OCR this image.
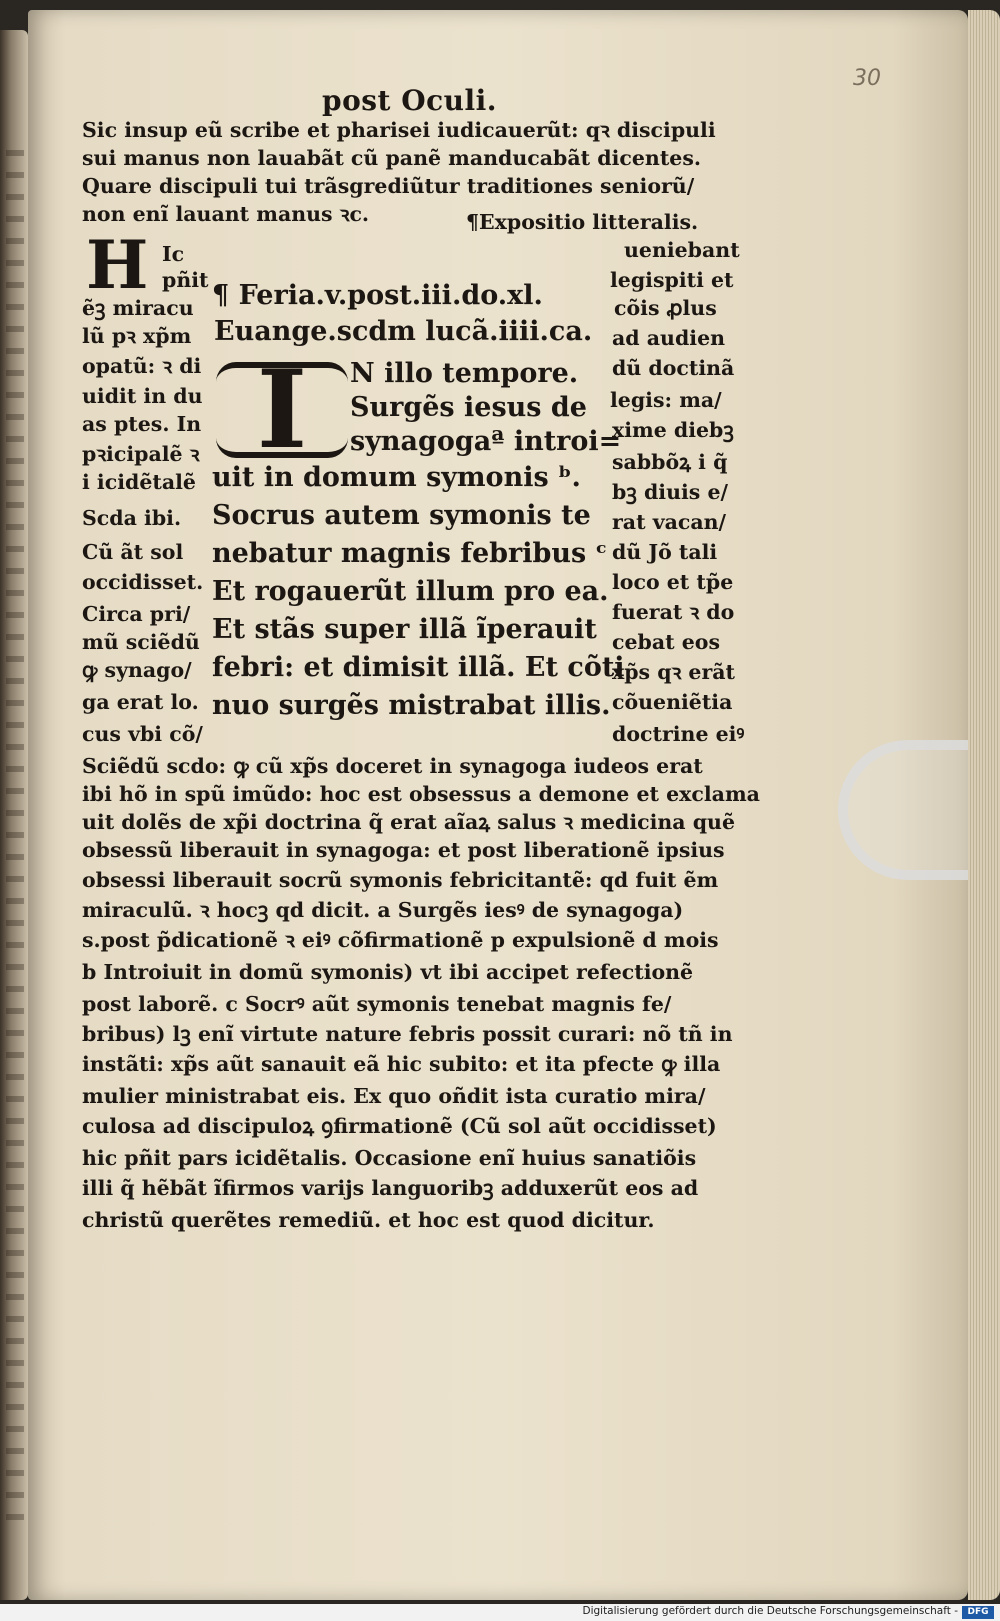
30
post Oculi.
Sic insup eũ scribe et pharisei iudicauerũt: qꝛ discipuli
sui manus non lauabãt cũ panẽ manducabãt dicentes.
Quare discipuli tui trãsgrediũtur traditiones seniorũ/
non enĩ lauant manus ꝛc.	¶Expositio litteralis.
H Ic
pñit
ẽꝫ miracu
lũ pꝛ xp̃m
opatũ: ꝛ di
uidit in du
as ptes. In
pꝛicipalẽ ꝛ
i icidẽtalẽ
Scda ibi.
Cũ ãt sol
occidisset.
Circa pri/
mũ sciẽdũ
ꝙ synago/
ga erat lo.
cus vbi cõ/
¶ Feria.v.post.iii.do.xl.
Euange.scdm lucã.iiii.ca.
I	N illo tempore.
Surgẽs iesus de
synagogaª introi=
uit in domum symonis ᵇ.
Socrus autem symonis te
nebatur magnis febribus ᶜ
Et rogauerũt illum pro ea.
Et stãs super illã ĩperauit
febri: et dimisit illã. Et cõti
nuo surgẽs mistrabat illis.
ueniebant
legispiti et
cõis ꝓlus
ad audien
dũ doctinã
legis: ma/
xime diebꝫ
sabbõꝝ i q̃
bꝫ diuis e/
rat vacan/
dũ Jõ tali
loco et tp̃e
fuerat ꝛ do
cebat eos
xp̃s qꝛ erãt
cõueniẽtia
doctrine eiꝰ
Sciẽdũ scdo: ꝙ cũ xp̃s doceret in synagoga iudeos erat
ibi hõ in spũ imũdo: hoc est obsessus a demone et exclama
uit dolẽs de xp̃i doctrina q̃ erat aĩaꝝ salus ꝛ medicina quẽ
obsessũ liberauit in synagoga: et post liberationẽ ipsius
obsessi liberauit socrũ symonis febricitantẽ: qd fuit ẽm
miraculũ. ꝛ hocꝫ qd dicit. a Surgẽs iesꝰ de synagoga)
s.post p̃dicationẽ ꝛ eiꝰ cõfirmationẽ p expulsionẽ d mois
b Introiuit in domũ symonis) vt ibi accipet refectionẽ
post laborẽ. c Socrꝰ aũt symonis tenebat magnis fe/
bribus) lꝫ enĩ virtute nature febris possit curari: nõ tñ in
instãti: xp̃s aũt sanauit eã hic subito: et ita pfecte ꝙ illa
mulier ministrabat eis. Ex quo oñdit ista curatio mira/
culosa ad discipuloꝝ ꝯfirmationẽ (Cũ sol aũt occidisset)
hic pñit pars icidẽtalis. Occasione enĩ huius sanatiõis
illi q̃ hẽbãt ĩfirmos varijs languoribꝫ adduxerũt eos ad
christũ querẽtes remediũ. et hoc est quod dicitur.
Digitalisierung gefördert durch die Deutsche Forschungsgemeinschaft -	DFG
